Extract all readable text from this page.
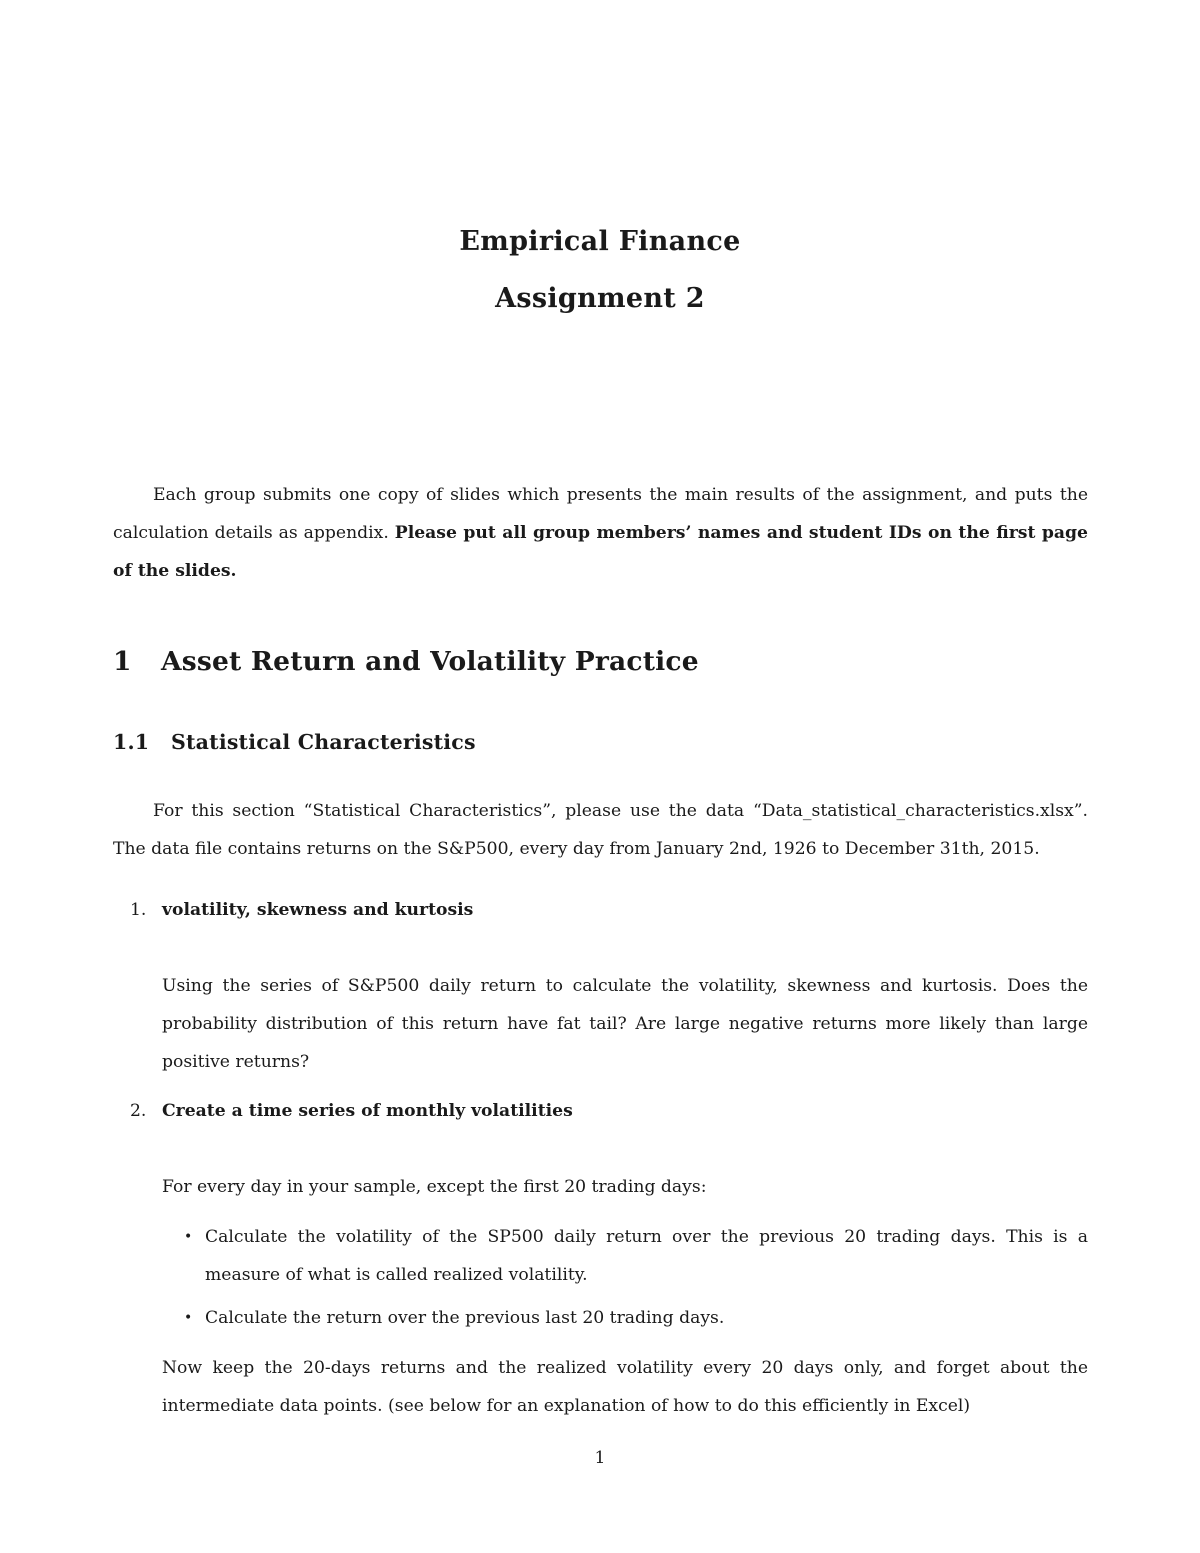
Empirical Finance
Assignment 2
Each group submits one copy of slides which presents the main results of the assignment, and puts the calculation details as appendix. Please put all group members’ names and student IDs on the first page of the slides.
1 Asset Return and Volatility Practice
1.1 Statistical Characteristics
For this section “Statistical Characteristics”, please use the data “Data_statistical_characteristics.xlsx”. The data file contains returns on the S&P500, every day from January 2nd, 1926 to December 31th, 2015.
1. volatility, skewness and kurtosis
Using the series of S&P500 daily return to calculate the volatility, skewness and kurtosis. Does the probability distribution of this return have fat tail? Are large negative returns more likely than large positive returns?
2. Create a time series of monthly volatilities
For every day in your sample, except the first 20 trading days:
• Calculate the volatility of the SP500 daily return over the previous 20 trading days. This is a measure of what is called realized volatility.
• Calculate the return over the previous last 20 trading days.
Now keep the 20-days returns and the realized volatility every 20 days only, and forget about the intermediate data points. (see below for an explanation of how to do this efficiently in Excel)
1
